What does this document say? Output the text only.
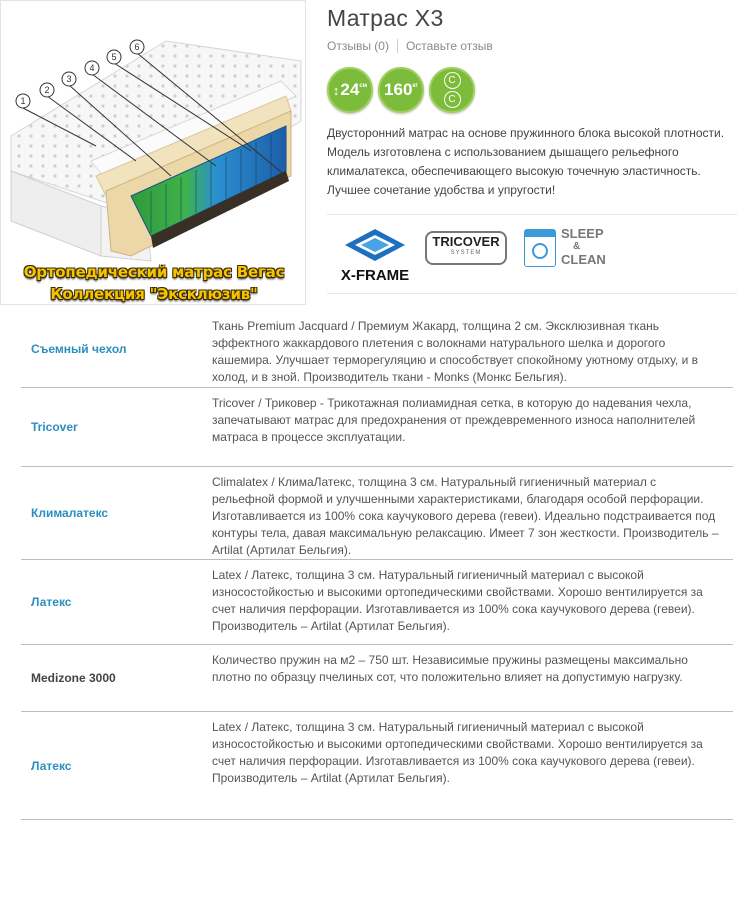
1
2
3
4
5
6
Ортопедический матрас Вегас
Коллекция "Эксклюзив"
Матрас X3
Отзывы (0) Оставьте отзыв
$↕24^{см}$ $160^{кг}$	С
С
Двусторонний матрас на основе пружинного блока высокой плотности. Модель изготовлена с использованием дышащего рельефного клималатекса, обеспечивающего высокую точечную эластичность. Лучшее сочетание удобства и упругости!
X-FRAME
TRICOVER
SYSTEM
SLEEP
&
CLEAN
Съемный чехол
Ткань Premium Jacquard / Премиум Жакард, толщина 2 см. Эксклюзивная ткань эффектного жаккардового плетения с волокнами натурального шелка и дорогого кашемира. Улучшает терморегуляцию и способствует спокойному уютному отдыху, и в холод, и в зной. Производитель ткани - Monks (Монкс Бельгия).
Tricover
Tricover / Триковер - Трикотажная полиамидная сетка, в которую до надевания чехла, запечатывают матрас для предохранения от преждевременного износа наполнителей матраса в процессе эксплуатации.
Клималатекс
Climalatex / КлимаЛатекс, толщина 3 см. Натуральный гигиеничный материал с рельефной формой и улучшенными характеристиками, благодаря особой перфорации. Изготавливается из 100% сока каучукового дерева (гевеи). Идеально подстраивается под контуры тела, давая максимальную релаксацию. Имеет 7 зон жесткости. Производитель – Artilat (Артилат Бельгия).
Латекс
Latex / Латекс, толщина 3 см. Натуральный гигиеничный материал с высокой износостойкостью и высокими ортопедическими свойствами. Хорошо вентилируется за счет наличия перфорации. Изготавливается из 100% сока каучукового дерева (гевеи). Производитель – Artilat (Артилат Бельгия).
Medizone 3000
Количество пружин на м2 – 750 шт. Независимые пружины размещены максимально плотно по образцу пчелиных сот, что положительно влияет на допустимую нагрузку.
Латекс
Latex / Латекс, толщина 3 см. Натуральный гигиеничный материал с высокой износостойкостью и высокими ортопедическими свойствами. Хорошо вентилируется за счет наличия перфорации. Изготавливается из 100% сока каучукового дерева (гевеи). Производитель – Artilat (Артилат Бельгия).
